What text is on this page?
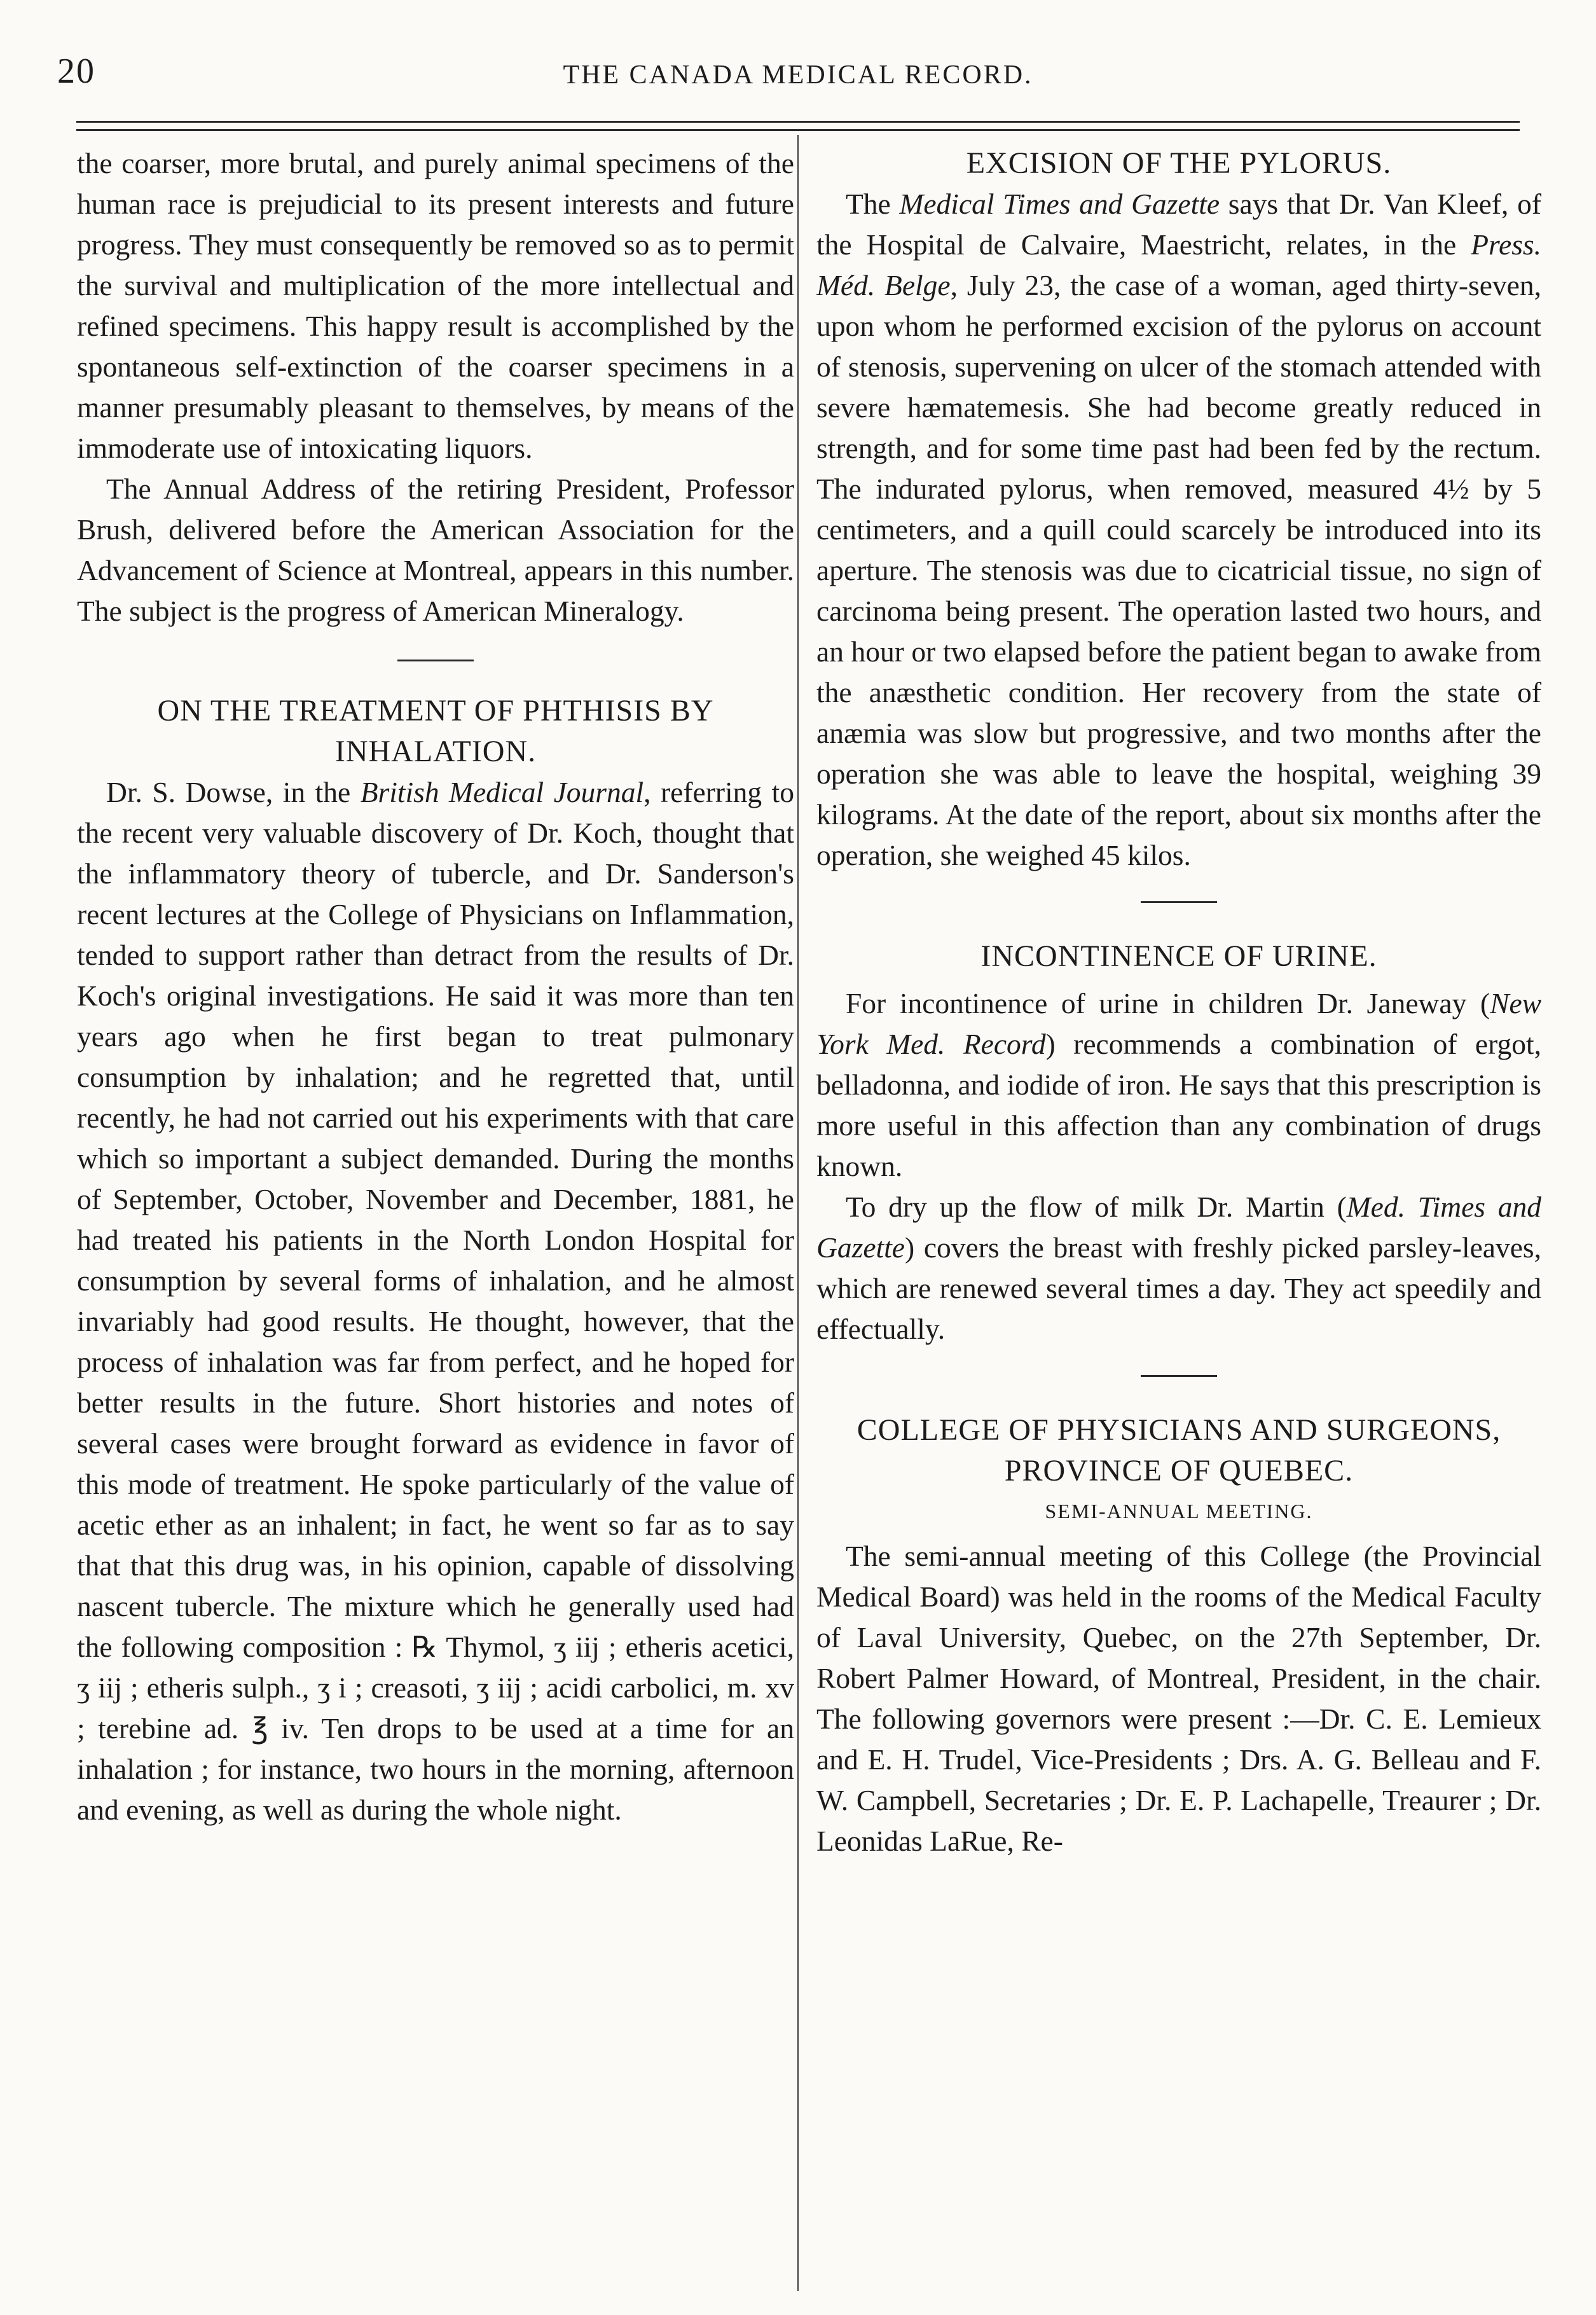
20	THE CANADA MEDICAL RECORD.

the coarser, more brutal, and purely animal specimens of the human race is prejudicial to its present interests and future progress. They must consequently be removed so as to permit the survival and multiplication of the more intellectual and refined specimens. This happy result is accomplished by the spontaneous self-extinction of the coarser specimens in a manner presumably pleasant to themselves, by means of the immoderate use of intoxicating liquors.

The Annual Address of the retiring President, Professor Brush, delivered before the American Association for the Advancement of Science at Montreal, appears in this number. The subject is the progress of American Mineralogy.

ON THE TREATMENT OF PHTHISIS BY INHALATION.

Dr. S. Dowse, in the British Medical Journal, referring to the recent very valuable discovery of Dr. Koch, thought that the inflammatory theory of tubercle, and Dr. Sanderson's recent lectures at the College of Physicians on Inflammation, tended to support rather than detract from the results of Dr. Koch's original investigations. He said it was more than ten years ago when he first began to treat pulmonary consumption by inhalation; and he regretted that, until recently, he had not carried out his experiments with that care which so important a subject demanded. During the months of September, October, November and December, 1881, he had treated his patients in the North London Hospital for consumption by several forms of inhalation, and he almost invariably had good results. He thought, however, that the process of inhalation was far from perfect, and he hoped for better results in the future. Short histories and notes of several cases were brought forward as evidence in favor of this mode of treatment. He spoke particularly of the value of acetic ether as an inhalent; in fact, he went so far as to say that that this drug was, in his opinion, capable of dissolving nascent tubercle. The mixture which he generally used had the following composition : ℞ Thymol, ʒ iij ; etheris acetici, ʒ iij ; etheris sulph., ʒ i ; creasoti, ʒ iij ; acidi carbolici, m. xv ; terebine ad. ℥ iv. Ten drops to be used at a time for an inhalation ; for instance, two hours in the morning, afternoon and evening, as well as during the whole night.

EXCISION OF THE PYLORUS.

The Medical Times and Gazette says that Dr. Van Kleef, of the Hospital de Calvaire, Maestricht, relates, in the Press. Méd. Belge, July 23, the case of a woman, aged thirty-seven, upon whom he performed excision of the pylorus on account of stenosis, supervening on ulcer of the stomach attended with severe hæmatemesis. She had become greatly reduced in strength, and for some time past had been fed by the rectum. The indurated pylorus, when removed, measured 4½ by 5 centimeters, and a quill could scarcely be introduced into its aperture. The stenosis was due to cicatricial tissue, no sign of carcinoma being present. The operation lasted two hours, and an hour or two elapsed before the patient began to awake from the anæsthetic condition. Her recovery from the state of anæmia was slow but progressive, and two months after the operation she was able to leave the hospital, weighing 39 kilograms. At the date of the report, about six months after the operation, she weighed 45 kilos.

INCONTINENCE OF URINE.

For incontinence of urine in children Dr. Janeway (New York Med. Record) recommends a combination of ergot, belladonna, and iodide of iron. He says that this prescription is more useful in this affection than any combination of drugs known.

To dry up the flow of milk Dr. Martin (Med. Times and Gazette) covers the breast with freshly picked parsley-leaves, which are renewed several times a day. They act speedily and effectually.

COLLEGE OF PHYSICIANS AND SURGEONS, PROVINCE OF QUEBEC.
SEMI-ANNUAL MEETING.

The semi-annual meeting of this College (the Provincial Medical Board) was held in the rooms of the Medical Faculty of Laval University, Quebec, on the 27th September, Dr. Robert Palmer Howard, of Montreal, President, in the chair. The following governors were present :—Dr. C. E. Lemieux and E. H. Trudel, Vice-Presidents ; Drs. A. G. Belleau and F. W. Campbell, Secretaries ; Dr. E. P. Lachapelle, Treaurer ; Dr. Leonidas LaRue, Re-
